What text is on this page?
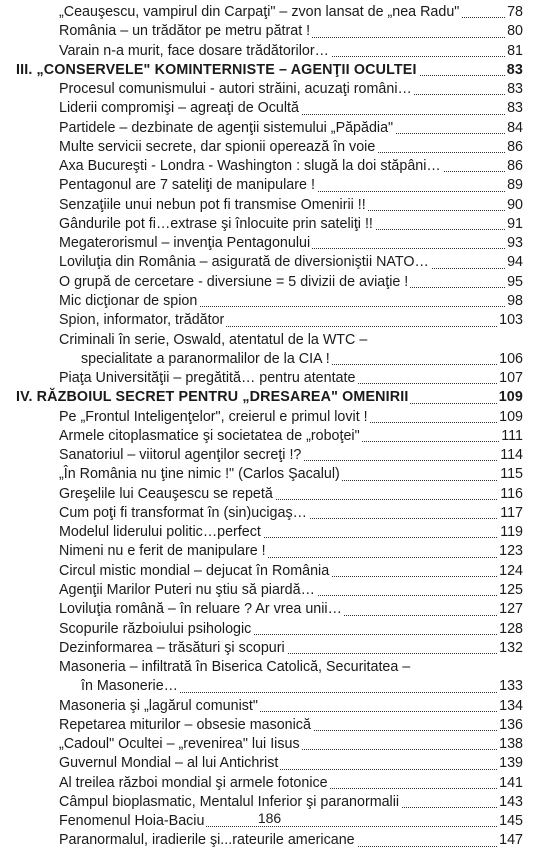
„Ceauşescu, vampirul din Carpaţi" – zvon lansat de „nea Radu"	78
România – un trădător pe metru pătrat !	80
Varain n-a murit, face dosare trădătorilor…	81
III. „CONSERVELE" KOMINTERNISTE – AGENŢII OCULTEI	83
Procesul comunismului - autori străini, acuzaţi români…	83
Liderii compromişi – agreaţi de Ocultă	83
Partidele – dezbinate de agenţii sistemului „Păpădia"	84
Multe servicii secrete, dar spionii operează în voie	86
Axa Bucureşti - Londra - Washington : slugă la doi stăpâni…	86
Pentagonul are 7 sateliţi de manipulare !	89
Senzaţiile unui nebun pot fi transmise Omenirii !!	90
Gândurile pot fi…extrase şi înlocuite prin sateliţi !!	91
Megaterorismul – invenţia Pentagonului	93
Loviluţia din România – asigurată de diversioniştii NATO…	94
O grupă de cercetare - diversiune = 5 divizii de aviaţie !	95
Mic dicţionar de spion	98
Spion, informator, trădător	103
Criminali în serie, Oswald, atentatul de la WTC –
specialitate a paranormalilor de la CIA !	106
Piaţa Universităţii – pregătită… pentru atentate	107
IV. RĂZBOIUL SECRET PENTRU „DRESAREA" OMENIRII	109
Pe „Frontul Inteligenţelor", creierul e primul lovit !	109
Armele citoplasmatice şi societatea de „roboţei"	111
Sanatoriul – viitorul agenţilor secreţi !?	114
„În România nu ţine nimic !" (Carlos Şacalul)	115
Greşelile lui Ceauşescu se repetă	116
Cum poţi fi transformat în (sin)ucigaş…	117
Modelul liderului politic…perfect	119
Nimeni nu e ferit de manipulare !	123
Circul mistic mondial – dejucat în România	124
Agenţii Marilor Puteri nu ştiu să piardă…	125
Loviluţia română – în reluare ? Ar vrea unii…	127
Scopurile războiului psihologic	128
Dezinformarea – trăsături şi scopuri	132
Masoneria – infiltrată în Biserica Catolică, Securitatea –
în Masonerie…	133
Masoneria şi „lagărul comunist"	134
Repetarea miturilor – obsesie masonică	136
„Cadoul" Ocultei – „revenirea" lui Iisus	138
Guvernul Mondial – al lui Antichrist	139
Al treilea război mondial şi armele fotonice	141
Câmpul bioplasmatic, Mentalul Inferior şi paranormalii	143
Fenomenul Hoia-Baciu	145
Paranormalul, iradierile şi...rateurile americane	147
186
